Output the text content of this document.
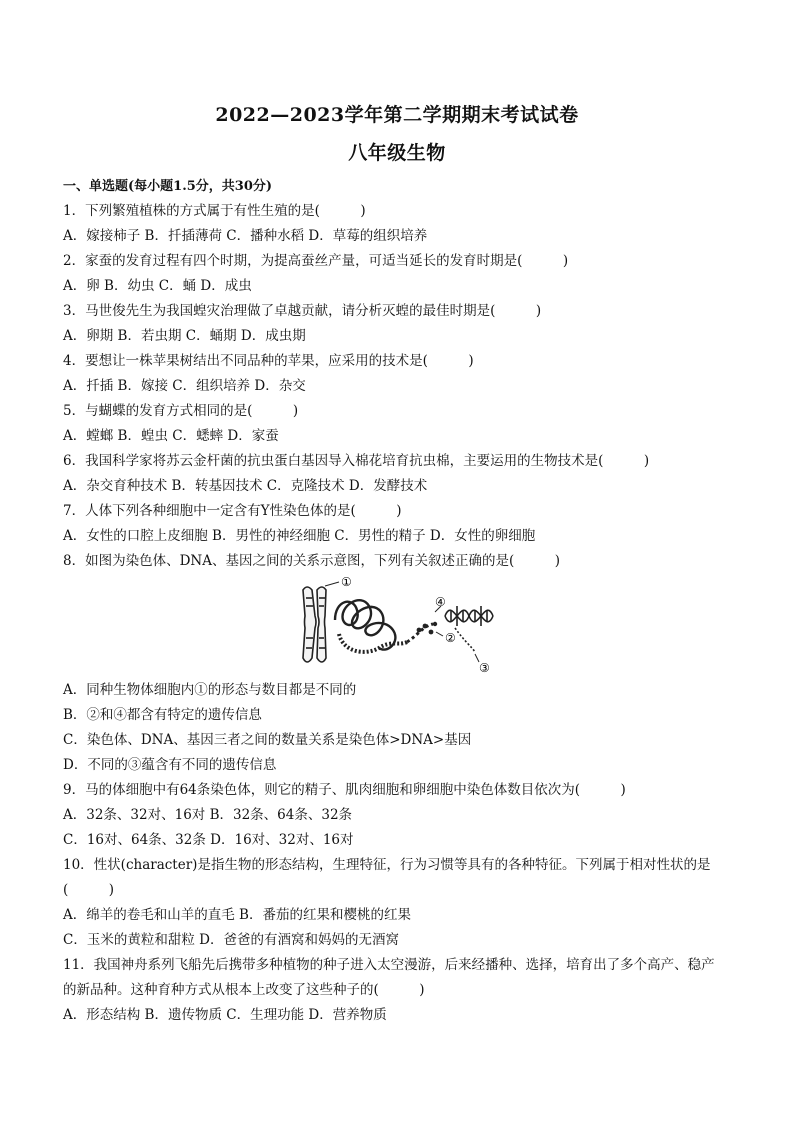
2022—2023学年第二学期期末考试试卷
八年级生物
一、单选题(每小题1.5分，共30分)
1．下列繁殖植株的方式属于有性生殖的是(　　　)
A．嫁接柿子 B．扦插薄荷 C．播种水稻 D．草莓的组织培养
2．家蚕的发育过程有四个时期，为提高蚕丝产量，可适当延长的发育时期是(　　　)
A．卵 B．幼虫 C．蛹 D．成虫
3．马世俊先生为我国蝗灾治理做了卓越贡献，请分析灭蝗的最佳时期是(　　　)
A．卵期 B．若虫期 C．蛹期 D．成虫期
4．要想让一株苹果树结出不同品种的苹果，应采用的技术是(　　　)
A．扦插 B．嫁接 C．组织培养 D．杂交
5．与蝴蝶的发育方式相同的是(　　　)
A．螳螂 B．蝗虫 C．蟋蟀 D．家蚕
6．我国科学家将苏云金杆菌的抗虫蛋白基因导入棉花培育抗虫棉，主要运用的生物技术是(　　　)
A．杂交育种技术 B．转基因技术 C．克隆技术 D．发酵技术
7．人体下列各种细胞中一定含有Y性染色体的是(　　　)
A．女性的口腔上皮细胞 B．男性的神经细胞 C．男性的精子 D．女性的卵细胞
8．如图为染色体、DNA、基因之间的关系示意图，下列有关叙述正确的是(　　　)
①
②
③
④
A．同种生物体细胞内①的形态与数目都是不同的
B．②和④都含有特定的遗传信息
C．染色体、DNA、基因三者之间的数量关系是染色体>DNA>基因
D．不同的③蕴含有不同的遗传信息
9．马的体细胞中有64条染色体，则它的精子、肌肉细胞和卵细胞中染色体数目依次为(　　　)
A．32条、32对、16对 B．32条、64条、32条
C．16对、64条、32条 D．16对、32对、16对
10．性状(character)是指生物的形态结构，生理特征，行为习惯等具有的各种特征。下列属于相对性状的是
(　　　)
A．绵羊的卷毛和山羊的直毛 B．番茄的红果和樱桃的红果
C．玉米的黄粒和甜粒 D．爸爸的有酒窝和妈妈的无酒窝
11．我国神舟系列飞船先后携带多种植物的种子进入太空漫游，后来经播种、选择，培育出了多个高产、稳产
的新品种。这种育种方式从根本上改变了这些种子的(　　　)
A．形态结构 B．遗传物质 C．生理功能 D．营养物质
